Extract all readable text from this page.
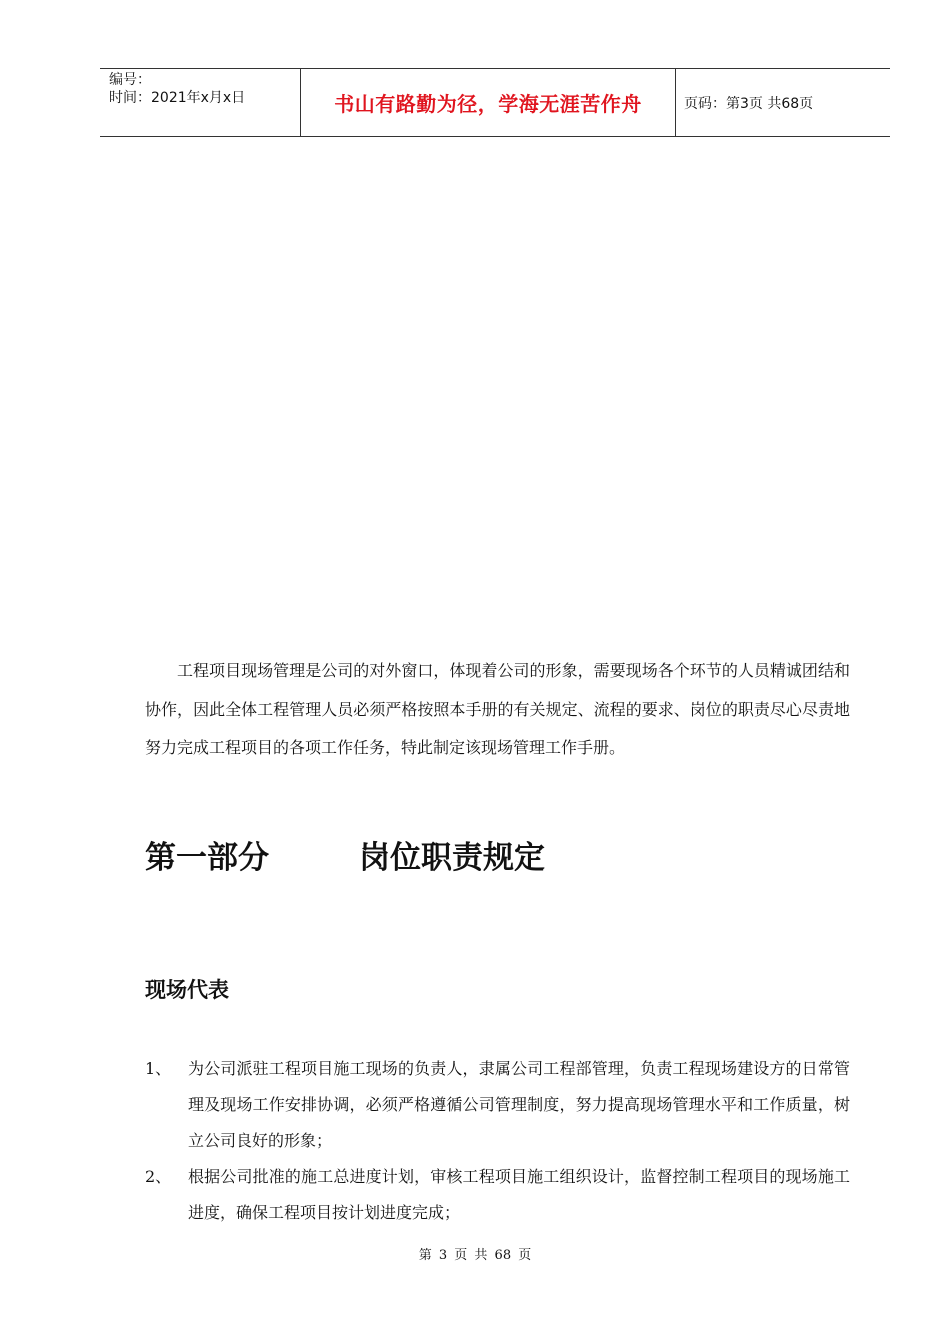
编号：
时间：2021年x月x日	书山有路勤为径，学海无涯苦作舟	页码：第3页 共68页

工程项目现场管理是公司的对外窗口，体现着公司的形象，需要现场各个环节的人员精诚团结和协作，因此全体工程管理人员必须严格按照本手册的有关规定、流程的要求、岗位的职责尽心尽责地努力完成工程项目的各项工作任务，特此制定该现场管理工作手册。

第一部分	岗位职责规定
现场代表
1、	为公司派驻工程项目施工现场的负责人，隶属公司工程部管理，负责工程现场建设方的日常管理及现场工作安排协调，必须严格遵循公司管理制度，努力提高现场管理水平和工作质量，树立公司良好的形象；
2、	根据公司批准的施工总进度计划，审核工程项目施工组织设计，监督控制工程项目的现场施工进度，确保工程项目按计划进度完成；
第 3 页 共 68 页
